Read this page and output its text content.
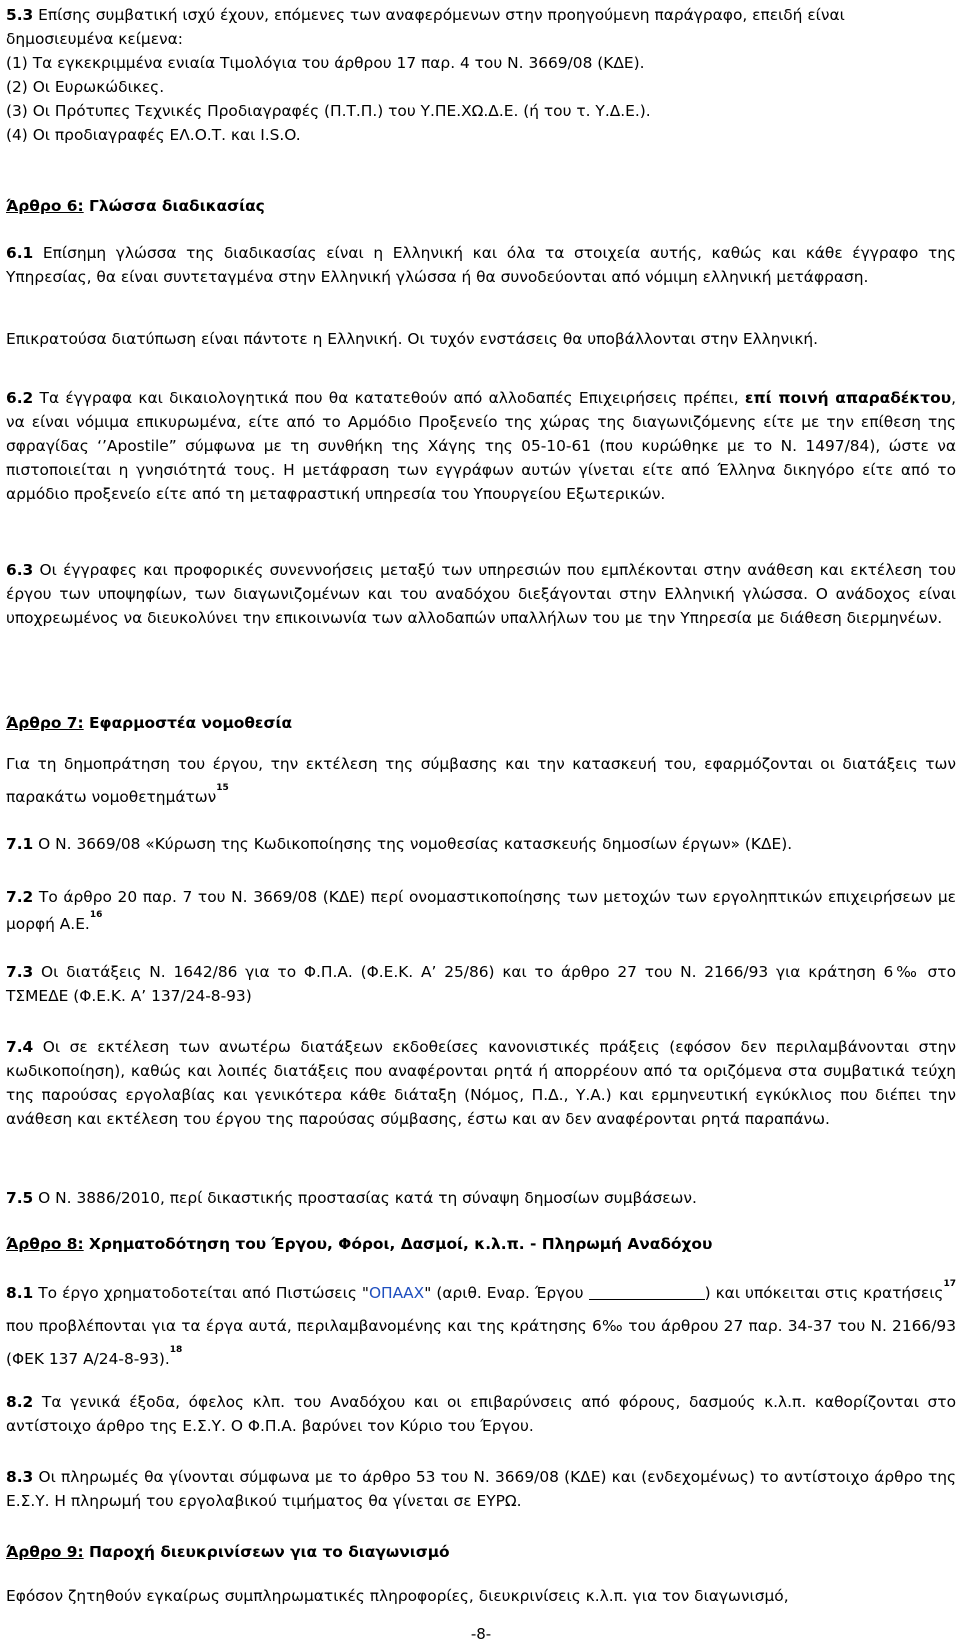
5.3 Επίσης συμβατική ισχύ έχουν, επόμενες των αναφερόμενων στην προηγούμενη παράγραφο, επειδή είναι δημοσιευμένα κείμενα:

(1) Τα εγκεκριμμένα ενιαία Τιμολόγια του άρθρου 17 παρ. 4 του Ν. 3669/08 (ΚΔΕ).

(2) Οι Ευρωκώδικες.

(3) Οι Πρότυπες Τεχνικές Προδιαγραφές (Π.Τ.Π.) του Υ.ΠΕ.ΧΩ.Δ.Ε. (ή του τ. Υ.Δ.Ε.).

(4) Οι προδιαγραφές ΕΛ.Ο.Τ. και I.S.O.

Άρθρο 6: Γλώσσα διαδικασίας

6.1 Επίσημη γλώσσα της διαδικασίας είναι η Ελληνική και όλα τα στοιχεία αυτής, καθώς και κάθε έγγραφο της Υπηρεσίας, θα είναι συντεταγμένα στην Ελληνική γλώσσα ή θα συνοδεύονται από νόμιμη ελληνική μετάφραση.

Επικρατούσα διατύπωση είναι πάντοτε η Ελληνική. Οι τυχόν ενστάσεις θα υποβάλλονται στην Ελληνική.

6.2 Τα έγγραφα και δικαιολογητικά που θα κατατεθούν από αλλοδαπές Επιχειρήσεις πρέπει, επί ποινή απαραδέκτου, να είναι νόμιμα επικυρωμένα, είτε από το Αρμόδιο Προξενείο της χώρας της διαγωνιζόμενης είτε με την επίθεση της σφραγίδας ‘’Apostile” σύμφωνα με τη συνθήκη της Χάγης της 05-10-61 (που κυρώθηκε με το Ν. 1497/84), ώστε να πιστοποιείται η γνησιότητά τους. Η μετάφραση των εγγράφων αυτών γίνεται είτε από Έλληνα δικηγόρο είτε από το αρμόδιο προξενείο είτε από τη μεταφραστική υπηρεσία του Υπουργείου Εξωτερικών.

6.3 Οι έγγραφες και προφορικές συνεννοήσεις μεταξύ των υπηρεσιών που εμπλέκονται στην ανάθεση και εκτέλεση του έργου των υποψηφίων, των διαγωνιζομένων και του αναδόχου διεξάγονται στην Ελληνική γλώσσα. Ο ανάδοχος είναι υποχρεωμένος να διευκολύνει την επικοινωνία των αλλοδαπών υπαλλήλων του με την Υπηρεσία με διάθεση διερμηνέων.

Άρθρο 7: Εφαρμοστέα νομοθεσία

Για τη δημοπράτηση του έργου, την εκτέλεση της σύμβασης και την κατασκευή του, εφαρμόζονται οι διατάξεις των παρακάτω νομοθετημάτων$^{15}$

7.1 Ο Ν. 3669/08 «Κύρωση της Κωδικοποίησης της νομοθεσίας κατασκευής δημοσίων έργων» (ΚΔΕ).

7.2 Το άρθρο 20 παρ. 7 του Ν. 3669/08 (ΚΔΕ) περί ονομαστικοποίησης των μετοχών των εργοληπτικών επιχειρήσεων με μορφή Α.Ε.$^{16}$

7.3 Οι διατάξεις Ν. 1642/86 για το Φ.Π.Α. (Φ.Ε.Κ. Α’ 25/86) και το άρθρο 27 του Ν. 2166/93 για κράτηση 6‰ στο ΤΣΜΕΔΕ (Φ.Ε.Κ. Α’ 137/24-8-93)

7.4 Οι σε εκτέλεση των ανωτέρω διατάξεων εκδοθείσες κανονιστικές πράξεις (εφόσον δεν περιλαμβάνονται στην κωδικοποίηση), καθώς και λοιπές διατάξεις που αναφέρονται ρητά ή απορρέουν από τα οριζόμενα στα συμβατικά τεύχη της παρούσας εργολαβίας και γενικότερα κάθε διάταξη (Νόμος, Π.Δ., Υ.Α.) και ερμηνευτική εγκύκλιος που διέπει την ανάθεση και εκτέλεση του έργου της παρούσας σύμβασης, έστω και αν δεν αναφέρονται ρητά παραπάνω.

7.5 Ο Ν. 3886/2010, περί δικαστικής προστασίας κατά τη σύναψη δημοσίων συμβάσεων.

Άρθρο 8: Χρηματοδότηση του Έργου, Φόροι, Δασμοί, κ.λ.π. - Πληρωμή Αναδόχου

8.1 Το έργο χρηματοδοτείται από Πιστώσεις "ΟΠΑΑΧ" (αριθ. Εναρ. Έργου	) και υπόκειται στις κρατήσεις$^{17}$ που προβλέπονται για τα έργα αυτά, περιλαμβανομένης και της κράτησης 6‰ του άρθρου 27 παρ. 34-37 του Ν. 2166/93 (ΦΕΚ 137 Α/24-8-93).$^{18}$

8.2 Τα γενικά έξοδα, όφελος κλπ. του Αναδόχου και οι επιβαρύνσεις από φόρους, δασμούς κ.λ.π. καθορίζονται στο αντίστοιχο άρθρο της Ε.Σ.Υ. Ο Φ.Π.Α. βαρύνει τον Κύριο του Έργου.

8.3 Οι πληρωμές θα γίνονται σύμφωνα με το άρθρο 53 του Ν. 3669/08 (ΚΔΕ) και (ενδεχομένως) το αντίστοιχο άρθρο της Ε.Σ.Υ. Η πληρωμή του εργολαβικού τιμήματος θα γίνεται σε ΕΥΡΩ.

Άρθρο 9: Παροχή διευκρινίσεων για το διαγωνισμό

Εφόσον ζητηθούν εγκαίρως συμπληρωματικές πληροφορίες, διευκρινίσεις κ.λ.π. για τον διαγωνισμό,

-8-
